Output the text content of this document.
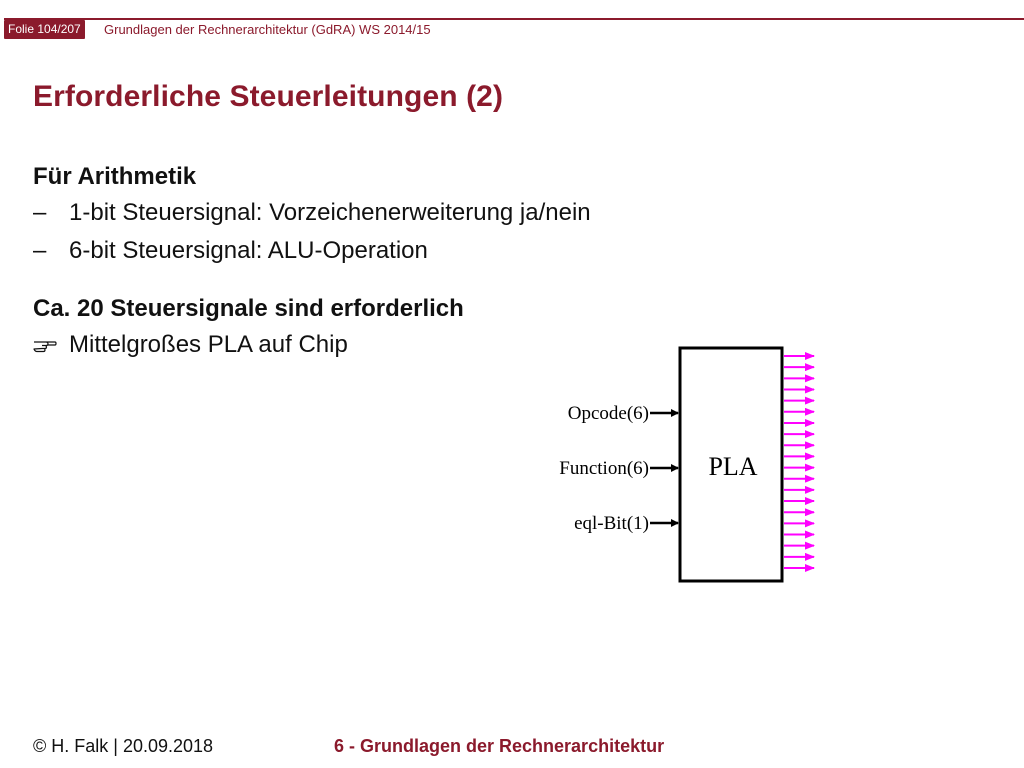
Folie 104/207	Grundlagen der Rechnerarchitektur (GdRA) WS 2014/15
Erforderliche Steuerleitungen (2)
Für Arithmetik
– 1-bit Steuersignal: Vorzeichenerweiterung ja/nein
– 6-bit Steuersignal: ALU-Operation
Ca. 20 Steuersignale sind erforderlich
Mittelgroßes PLA auf Chip
PLA
Opcode(6)
Function(6)
eql-Bit(1)
© H. Falk | 20.09.2018	6 - Grundlagen der Rechnerarchitektur
